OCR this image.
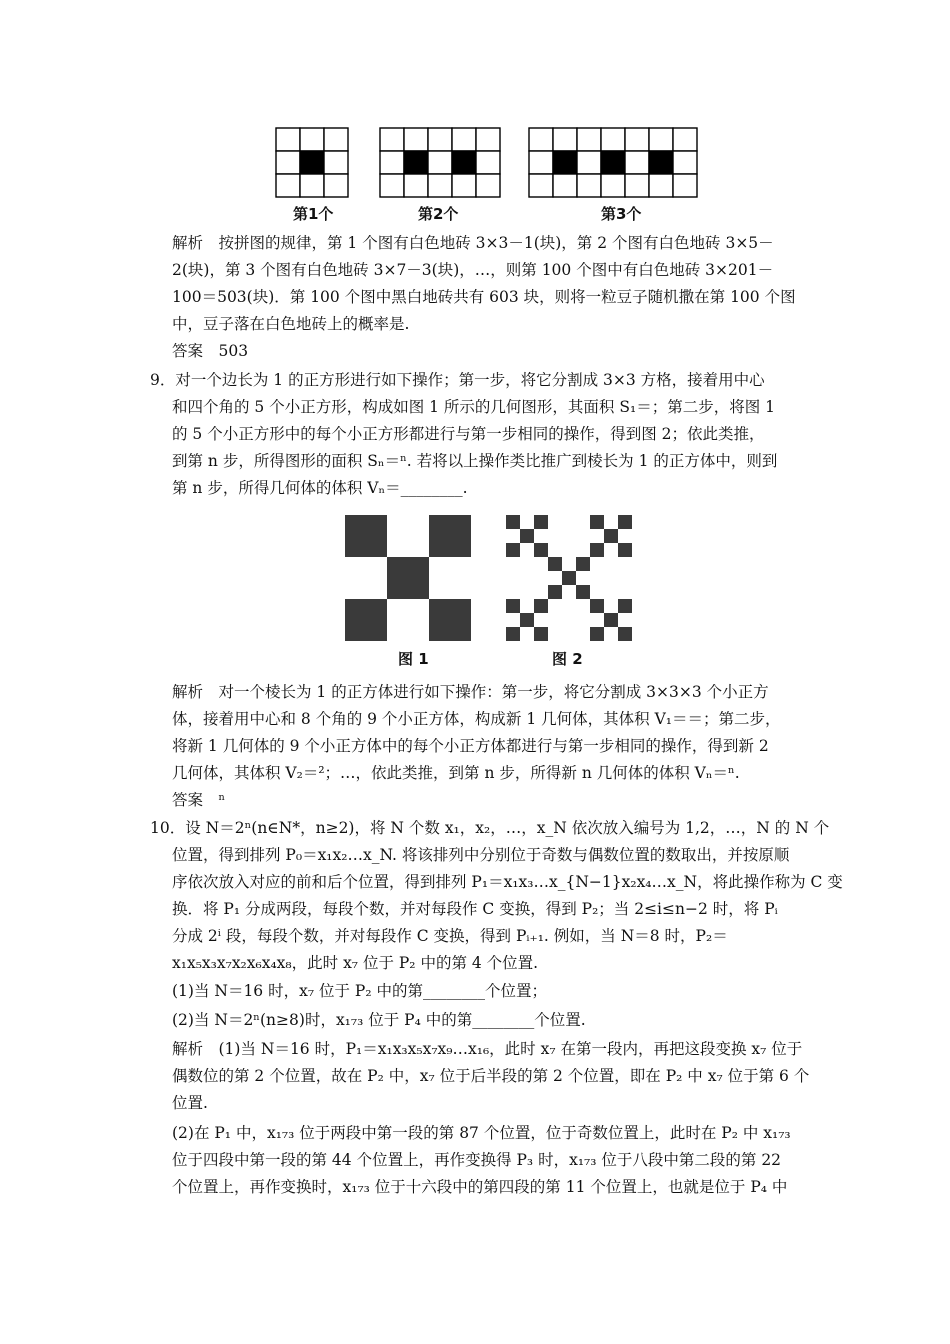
第1个	第2个	第3个
解析　按拼图的规律，第 1 个图有白色地砖 3×3－1(块)，第 2 个图有白色地砖 3×5－
2(块)，第 3 个图有白色地砖 3×7－3(块)，…，则第 100 个图中有白色地砖 3×201－
100＝503(块)．第 100 个图中黑白地砖共有 603 块，则将一粒豆子随机撒在第 100 个图
中，豆子落在白色地砖上的概率是.
答案　503
9．对一个边长为 1 的正方形进行如下操作；第一步，将它分割成 3×3 方格，接着用中心
和四个角的 5 个小正方形，构成如图 1 所示的几何图形，其面积 S₁＝；第二步，将图 1
的 5 个小正方形中的每个小正方形都进行与第一步相同的操作，得到图 2；依此类推，
到第 n 步，所得图形的面积 Sₙ＝ⁿ. 若将以上操作类比推广到棱长为 1 的正方体中，则到
第 n 步，所得几何体的体积 Vₙ＝________.
图 1	图 2
解析　对一个棱长为 1 的正方体进行如下操作：第一步，将它分割成 3×3×3 个小正方
体，接着用中心和 8 个角的 9 个小正方体，构成新 1 几何体，其体积 V₁＝＝；第二步，
将新 1 几何体的 9 个小正方体中的每个小正方体都进行与第一步相同的操作，得到新 2
几何体，其体积 V₂＝²；…，依此类推，到第 n 步，所得新 n 几何体的体积 Vₙ＝ⁿ.
答案　ⁿ
10．设 N＝2ⁿ(n∈N*，n≥2)，将 N 个数 x₁，x₂，…，x_N 依次放入编号为 1,2，…，N 的 N 个
位置，得到排列 P₀＝x₁x₂…x_N. 将该排列中分别位于奇数与偶数位置的数取出，并按原顺
序依次放入对应的前和后个位置，得到排列 P₁＝x₁x₃…x_{N−1}x₂x₄…x_N，将此操作称为 C 变
换．将 P₁ 分成两段，每段个数，并对每段作 C 变换，得到 P₂；当 2≤i≤n−2 时，将 Pᵢ
分成 2ⁱ 段，每段个数，并对每段作 C 变换，得到 Pᵢ₊₁. 例如，当 N＝8 时，P₂＝
x₁x₅x₃x₇x₂x₆x₄x₈，此时 x₇ 位于 P₂ 中的第 4 个位置.
(1)当 N＝16 时，x₇ 位于 P₂ 中的第________个位置；
(2)当 N＝2ⁿ(n≥8)时，x₁₇₃ 位于 P₄ 中的第________个位置.
解析　(1)当 N＝16 时，P₁＝x₁x₃x₅x₇x₉…x₁₆，此时 x₇ 在第一段内，再把这段变换 x₇ 位于
偶数位的第 2 个位置，故在 P₂ 中，x₇ 位于后半段的第 2 个位置，即在 P₂ 中 x₇ 位于第 6 个
位置.
(2)在 P₁ 中，x₁₇₃ 位于两段中第一段的第 87 个位置，位于奇数位置上，此时在 P₂ 中 x₁₇₃
位于四段中第一段的第 44 个位置上，再作变换得 P₃ 时，x₁₇₃ 位于八段中第二段的第 22
个位置上，再作变换时，x₁₇₃ 位于十六段中的第四段的第 11 个位置上，也就是位于 P₄ 中
